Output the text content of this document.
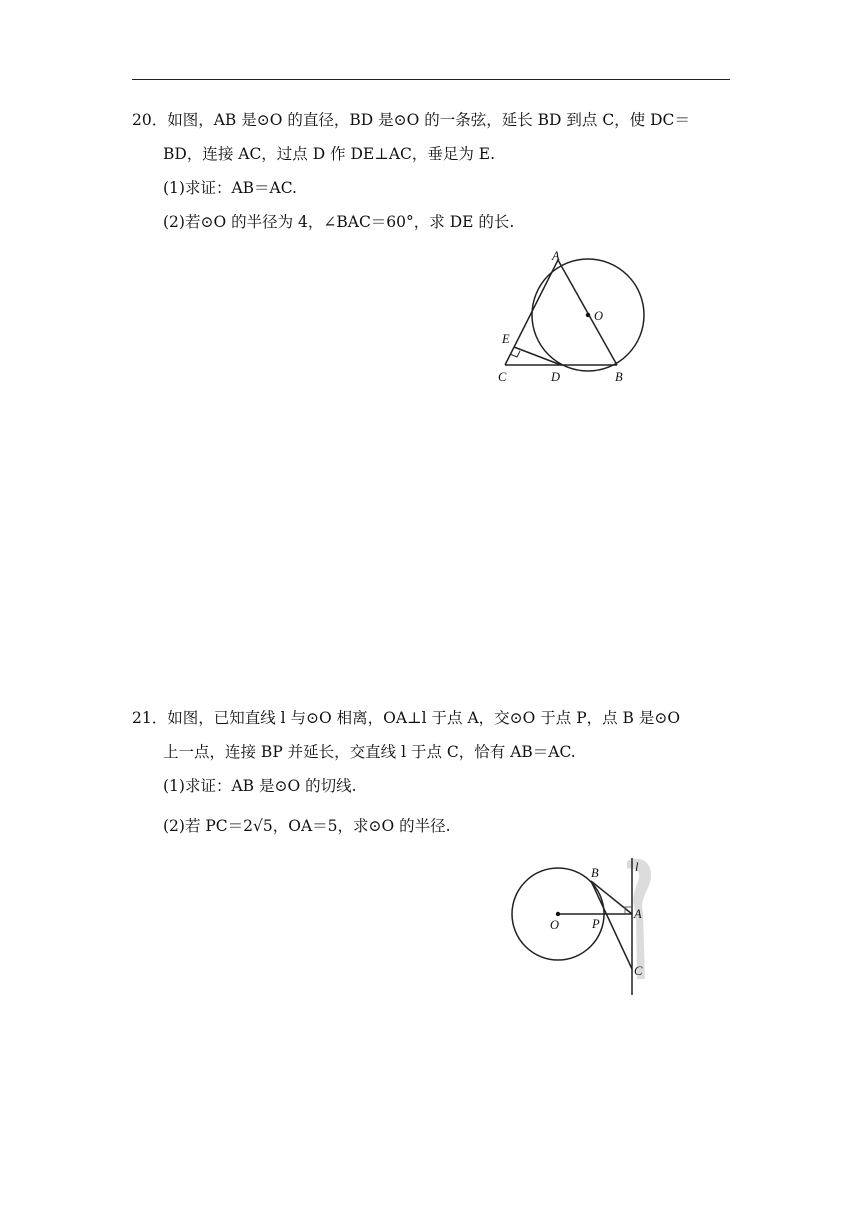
20．如图，AB 是⊙O 的直径，BD 是⊙O 的一条弦，延长 BD 到点 C，使 DC＝
BD，连接 AC，过点 D 作 DE⊥AC，垂足为 E.
(1)求证：AB＝AC.
(2)若⊙O 的半径为 4，∠BAC＝60°，求 DE 的长.
A
O
E
C	D	B
21．如图，已知直线 l 与⊙O 相离，OA⊥l 于点 A，交⊙O 于点 P，点 B 是⊙O
上一点，连接 BP 并延长，交直线 l 于点 C，恰有 AB＝AC.
(1)求证：AB 是⊙O 的切线.
(2)若 PC＝2√5，OA＝5，求⊙O 的半径.
B	l
O	P
A
C
